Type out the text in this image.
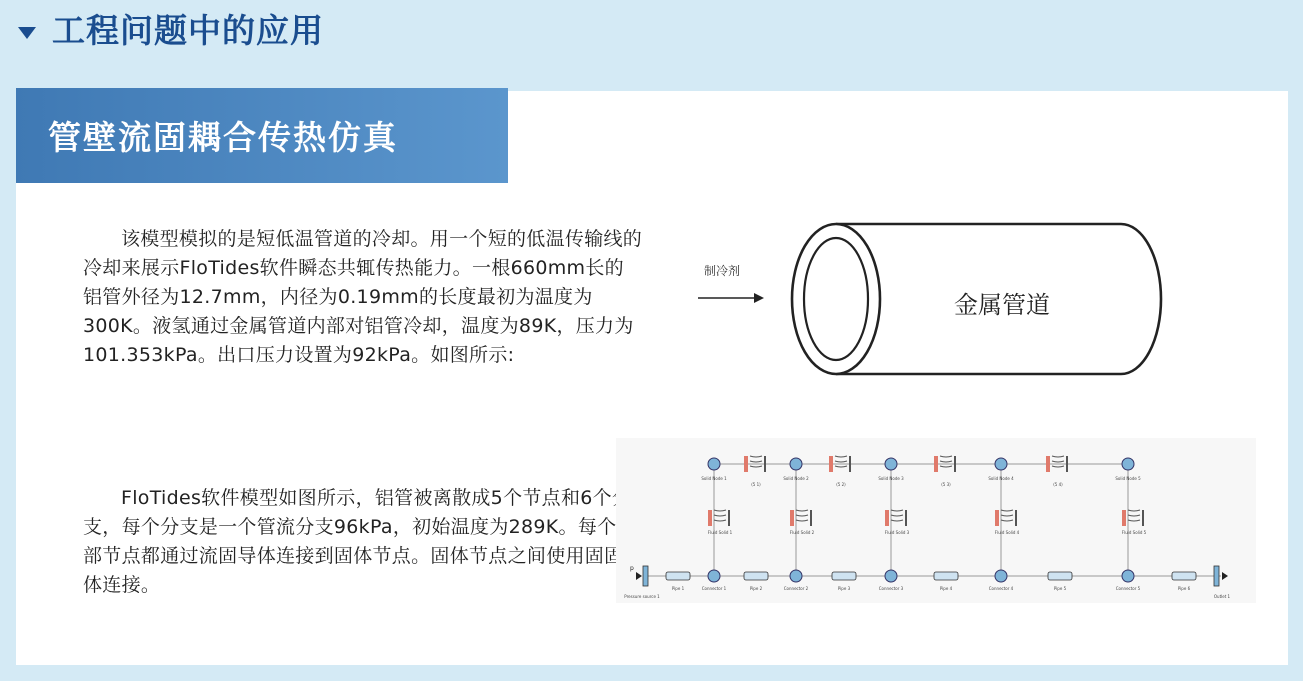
工程问题中的应用
管壁流固耦合传热仿真

该模型模拟的是短低温管道的冷却。用一个短的低温传输线的冷却来展示FloTides软件瞬态共辄传热能力。一根660mm长的铝管外径为12.7mm，内径为0.19mm的长度最初为温度为300K。液氢通过金属管道内部对铝管冷却，温度为89K，压力为101.353kPa。出口压力设置为92kPa。如图所示:

FloTides软件模型如图所示，铝管被离散成5个节点和6个分支，每个分支是一个管流分支96kPa，初始温度为289K。每个内部节点都通过流固导体连接到固体节点。固体节点之间使用固固导体连接。

制冷剂
金属管道
Solid Node 1	Solid Node 2	Solid Node 3	Solid Node 4	Solid Node 5
(5 1)	(5 2)	(5 3)	(5 4)
Fluid Solid 1	Fluid Solid 2	Fluid Solid 3	Fluid Solid 4	Fluid Solid 5
p
Pressure source 1	Outlet 1
Pipe 1	Pipe 2	Pipe 3	Pipe 4	Pipe 5	Pipe 6
Connector 1	Connector 2	Connector 3	Connector 4	Connector 5
